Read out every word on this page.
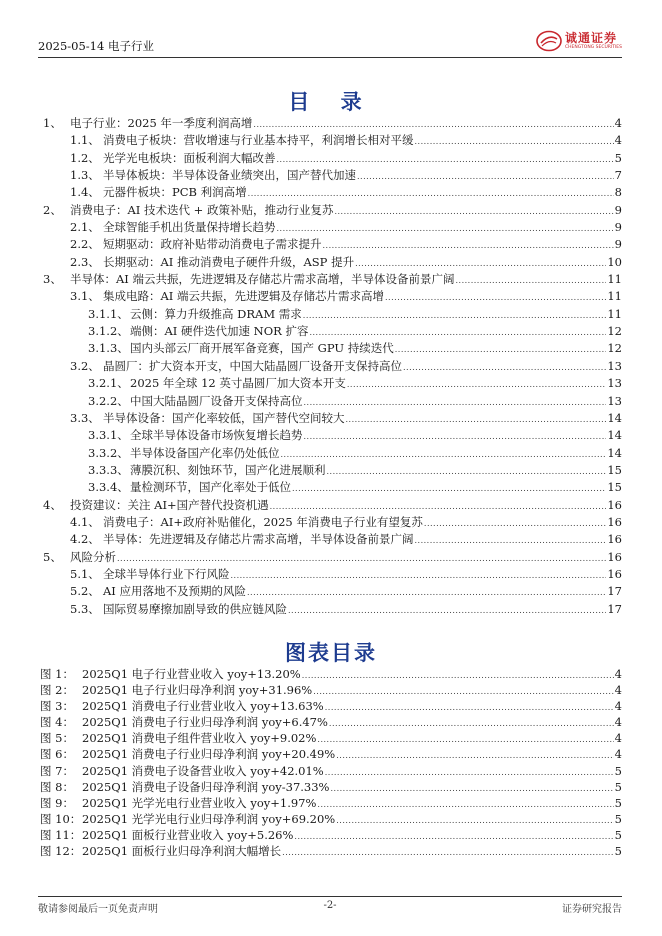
2025-05-14 电子行业
诚通证券
CHENGTONG SECURITIES
目 录
1、 电子行业：2025 年一季度利润高增 .....	4
1.1、 消费电子板块：营收增速与行业基本持平，利润增长相对平缓 .....	4
1.2、 光学光电板块：面板利润大幅改善 .....	5
1.3、 半导体板块：半导体设备业绩突出，国产替代加速 .....	7
1.4、 元器件板块：PCB 利润高增 .....	8
2、 消费电子：AI 技术迭代 + 政策补贴，推动行业复苏 .....	9
2.1、 全球智能手机出货量保持增长趋势 .....	9
2.2、 短期驱动：政府补贴带动消费电子需求提升 .....	9
2.3、 长期驱动：AI 推动消费电子硬件升级，ASP 提升 .....	10
3、 半导体：AI 端云共振，先进逻辑及存储芯片需求高增，半导体设备前景广阔 .....	11
3.1、 集成电路：AI 端云共振，先进逻辑及存储芯片需求高增 .....	11
3.1.1、 云侧：算力升级推高 DRAM 需求 .....	11
3.1.2、 端侧：AI 硬件迭代加速 NOR 扩容 .....	12
3.1.3、 国内头部云厂商开展军备竞赛，国产 GPU 持续迭代 .....	12
3.2、 晶圆厂：扩大资本开支，中国大陆晶圆厂设备开支保持高位 .....	13
3.2.1、 2025 年全球 12 英寸晶圆厂加大资本开支 .....	13
3.2.2、 中国大陆晶圆厂设备开支保持高位 .....	13
3.3、 半导体设备：国产化率较低，国产替代空间较大 .....	14
3.3.1、 全球半导体设备市场恢复增长趋势 .....	14
3.3.2、 半导体设备国产化率仍处低位 .....	14
3.3.3、 薄膜沉积、刻蚀环节，国产化进展顺利 .....	15
3.3.4、 量检测环节，国产化率处于低位 .....	15
4、 投资建议：关注 AI+国产替代投资机遇 .....	16
4.1、 消费电子：AI+政府补贴催化，2025 年消费电子行业有望复苏 .....	16
4.2、 半导体：先进逻辑及存储芯片需求高增，半导体设备前景广阔 .....	16
5、 风险分析 .....	16
5.1、 全球半导体行业下行风险 .....	16
5.2、 AI 应用落地不及预期的风险 .....	17
5.3、 国际贸易摩擦加剧导致的供应链风险 .....	17
图表目录
图 1： 2025Q1 电子行业营业收入 yoy+13.20% .....	4
图 2： 2025Q1 电子行业归母净利润 yoy+31.96% .....	4
图 3： 2025Q1 消费电子行业营业收入 yoy+13.63% .....	4
图 4： 2025Q1 消费电子行业归母净利润 yoy+6.47% .....	4
图 5： 2025Q1 消费电子组件营业收入 yoy+9.02% .....	4
图 6： 2025Q1 消费电子行业归母净利润 yoy+20.49% .....	4
图 7： 2025Q1 消费电子设备营业收入 yoy+42.01% .....	5
图 8： 2025Q1 消费电子设备归母净利润 yoy-37.33% .....	5
图 9： 2025Q1 光学光电行业营业收入 yoy+1.97% .....	5
图 10： 2025Q1 光学光电行业归母净利润 yoy+69.20% .....	5
图 11： 2025Q1 面板行业营业收入 yoy+5.26% .....	5
图 12： 2025Q1 面板行业归母净利润大幅增长 .....	5
敬请参阅最后一页免责声明	-2-	证券研究报告
